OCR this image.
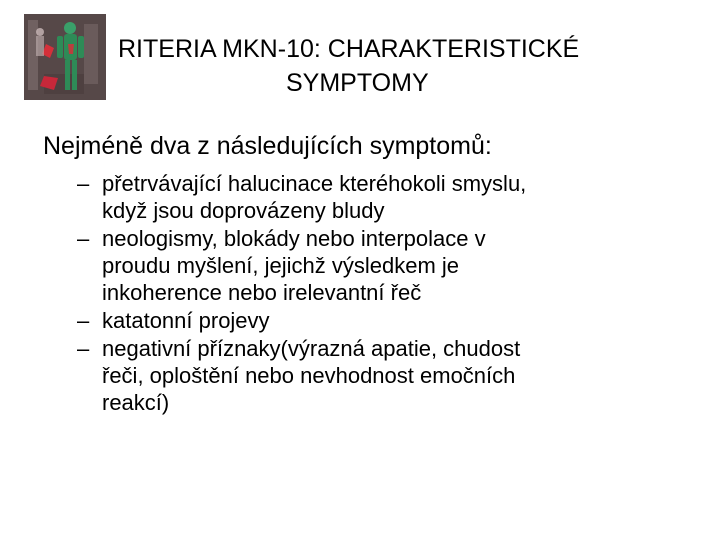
RITERIA MKN-10: CHARAKTERISTICKÉ
SYMPTOMY

Nejméně dva z následujících symptomů:

– přetrvávající halucinace kteréhokoli smyslu,
když jsou doprovázeny bludy
– neologismy, blokády nebo interpolace v
proudu myšlení, jejichž výsledkem je
inkoherence nebo irelevantní řeč
– katatonní projevy
– negativní příznaky(výrazná apatie, chudost
řeči, oploštění nebo nevhodnost emočních
reakcí)
